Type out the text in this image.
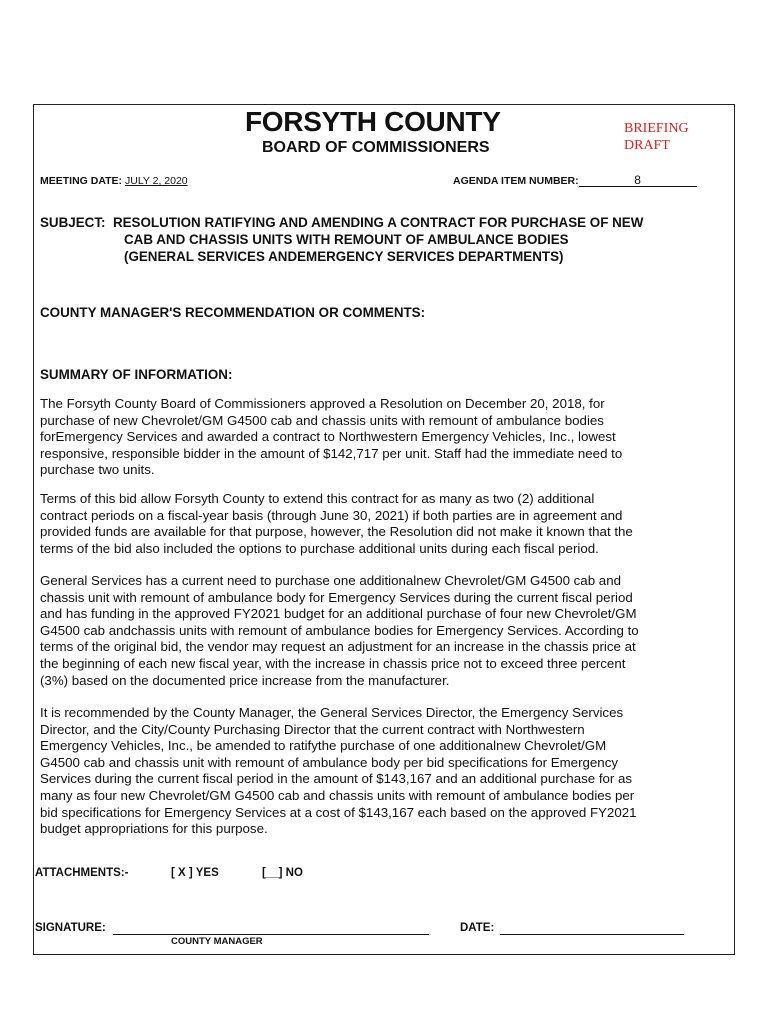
FORSYTH COUNTY
BOARD OF COMMISSIONERS
BRIEFING
DRAFT
MEETING DATE: JULY 2, 2020	AGENDA ITEM NUMBER:	8
SUBJECT: RESOLUTION RATIFYING AND AMENDING A CONTRACT FOR PURCHASE OF NEW
CAB AND CHASSIS UNITS WITH REMOUNT OF AMBULANCE BODIES
(GENERAL SERVICES ANDEMERGENCY SERVICES DEPARTMENTS)
COUNTY MANAGER'S RECOMMENDATION OR COMMENTS:
SUMMARY OF INFORMATION:
The Forsyth County Board of Commissioners approved a Resolution on December 20, 2018, for
purchase of new Chevrolet/GM G4500 cab and chassis units with remount of ambulance bodies
forEmergency Services and awarded a contract to Northwestern Emergency Vehicles, Inc., lowest
responsive, responsible bidder in the amount of $142,717 per unit. Staff had the immediate need to
purchase two units.
Terms of this bid allow Forsyth County to extend this contract for as many as two (2) additional
contract periods on a fiscal-year basis (through June 30, 2021) if both parties are in agreement and
provided funds are available for that purpose, however, the Resolution did not make it known that the
terms of the bid also included the options to purchase additional units during each fiscal period.
General Services has a current need to purchase one additionalnew Chevrolet/GM G4500 cab and
chassis unit with remount of ambulance body for Emergency Services during the current fiscal period
and has funding in the approved FY2021 budget for an additional purchase of four new Chevrolet/GM
G4500 cab andchassis units with remount of ambulance bodies for Emergency Services. According to
terms of the original bid, the vendor may request an adjustment for an increase in the chassis price at
the beginning of each new fiscal year, with the increase in chassis price not to exceed three percent
(3%) based on the documented price increase from the manufacturer.
It is recommended by the County Manager, the General Services Director, the Emergency Services
Director, and the City/County Purchasing Director that the current contract with Northwestern
Emergency Vehicles, Inc., be amended to ratifythe purchase of one additionalnew Chevrolet/GM
G4500 cab and chassis unit with remount of ambulance body per bid specifications for Emergency
Services during the current fiscal period in the amount of $143,167 and an additional purchase for as
many as four new Chevrolet/GM G4500 cab and chassis units with remount of ambulance bodies per
bid specifications for Emergency Services at a cost of $143,167 each based on the approved FY2021
budget appropriations for this purpose.
ATTACHMENTS:-	[ X ] YES	[__] NO
SIGNATURE:
COUNTY MANAGER
DATE:
